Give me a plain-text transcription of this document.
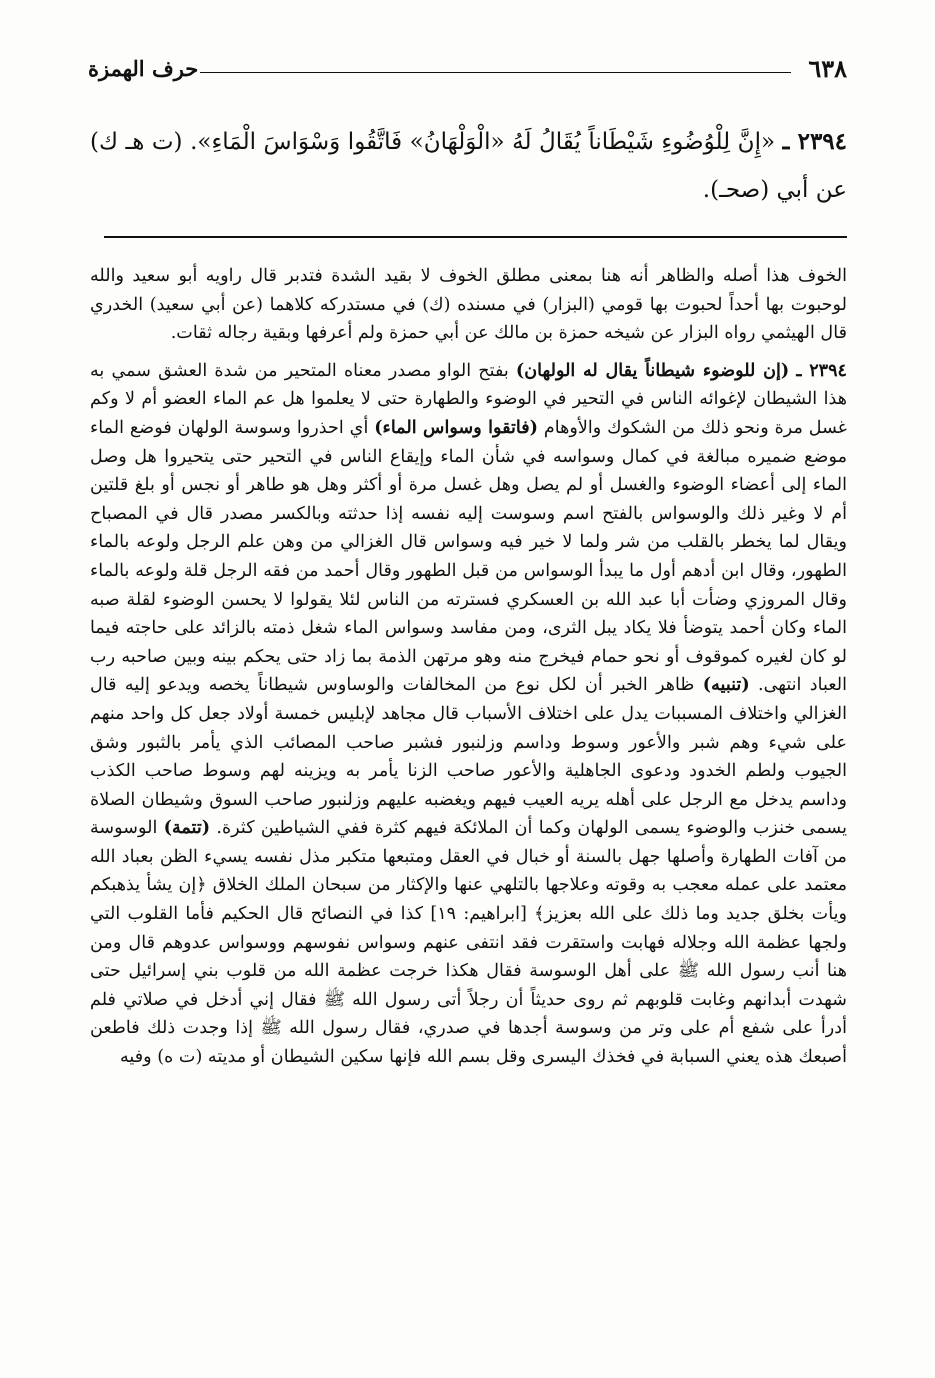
٦٣٨
حرف الهمزة
٢٣٩٤ ـ «إِنَّ لِلْوُضُوءِ شَيْطَاناً يُقَالُ لَهُ «الْوَلْهَانُ» فَاتَّقُوا وَسْوَاسَ الْمَاءِ». (ت هـ ك) عن أبي (صحـ).

الخوف هذا أصله والظاهر أنه هنا بمعنى مطلق الخوف لا بقيد الشدة فتدبر قال راويه أبو سعيد والله لوحبوت بها أحداً لحبوت بها قومي (البزار) في مسنده (ك) في مستدركه كلاهما (عن أبي سعيد) الخدري قال الهيثمي رواه البزار عن شيخه حمزة بن مالك عن أبي حمزة ولم أعرفها وبقية رجاله ثقات.

٢٣٩٤ ـ (إن للوضوء شيطاناً يقال له الولهان) بفتح الواو مصدر معناه المتحير من شدة العشق سمي به هذا الشيطان لإغوائه الناس في التحير في الوضوء والطهارة حتى لا يعلموا هل عم الماء العضو أم لا وكم غسل مرة ونحو ذلك من الشكوك والأوهام (فاتقوا وسواس الماء) أي احذروا وسوسة الولهان فوضع الماء موضع ضميره مبالغة في كمال وسواسه في شأن الماء وإيقاع الناس في التحير حتى يتحيروا هل وصل الماء إلى أعضاء الوضوء والغسل أو لم يصل وهل غسل مرة أو أكثر وهل هو طاهر أو نجس أو بلغ قلتين أم لا وغير ذلك والوسواس بالفتح اسم وسوست إليه نفسه إذا حدثته وبالكسر مصدر قال في المصباح ويقال لما يخطر بالقلب من شر ولما لا خير فيه وسواس قال الغزالي من وهن علم الرجل ولوعه بالماء الطهور، وقال ابن أدهم أول ما يبدأ الوسواس من قبل الطهور وقال أحمد من فقه الرجل قلة ولوعه بالماء وقال المروزي وضأت أبا عبد الله بن العسكري فسترته من الناس لئلا يقولوا لا يحسن الوضوء لقلة صبه الماء وكان أحمد يتوضأ فلا يكاد يبل الثرى، ومن مفاسد وسواس الماء شغل ذمته بالزائد على حاجته فيما لو كان لغيره كموقوف أو نحو حمام فيخرج منه وهو مرتهن الذمة بما زاد حتى يحكم بينه وبين صاحبه رب العباد انتهى. (تنبيه) ظاهر الخبر أن لكل نوع من المخالفات والوساوس شيطاناً يخصه ويدعو إليه قال الغزالي واختلاف المسببات يدل على اختلاف الأسباب قال مجاهد لإبليس خمسة أولاد جعل كل واحد منهم على شيء وهم شبر والأعور وسوط وداسم وزلنبور فشبر صاحب المصائب الذي يأمر بالثبور وشق الجيوب ولطم الخدود ودعوى الجاهلية والأعور صاحب الزنا يأمر به ويزينه لهم وسوط صاحب الكذب وداسم يدخل مع الرجل على أهله يريه العيب فيهم ويغضبه عليهم وزلنبور صاحب السوق وشيطان الصلاة يسمى خنزب والوضوء يسمى الولهان وكما أن الملائكة فيهم كثرة ففي الشياطين كثرة. (تتمة) الوسوسة من آفات الطهارة وأصلها جهل بالسنة أو خبال في العقل ومتبعها متكبر مذل نفسه يسيء الظن بعباد الله معتمد على عمله معجب به وقوته وعلاجها بالتلهي عنها والإكثار من سبحان الملك الخلاق ﴿إن يشأ يذهبكم ويأت بخلق جديد وما ذلك على الله بعزيز﴾ [ابراهيم: ١٩] كذا في النصائح قال الحكيم فأما القلوب التي ولجها عظمة الله وجلاله فهابت واستقرت فقد انتفى عنهم وسواس نفوسهم ووسواس عدوهم قال ومن هنا أنب رسول الله ﷺ على أهل الوسوسة فقال هكذا خرجت عظمة الله من قلوب بني إسرائيل حتى شهدت أبدانهم وغابت قلوبهم ثم روى حديثاً أن رجلاً أتى رسول الله ﷺ فقال إني أدخل في صلاتي فلم أدرأ على شفع أم على وتر من وسوسة أجدها في صدري، فقال رسول الله ﷺ إذا وجدت ذلك فاطعن أصبعك هذه يعني السبابة في فخذك اليسرى وقل بسم الله فإنها سكين الشيطان أو مديته (ت ه) وفيه
